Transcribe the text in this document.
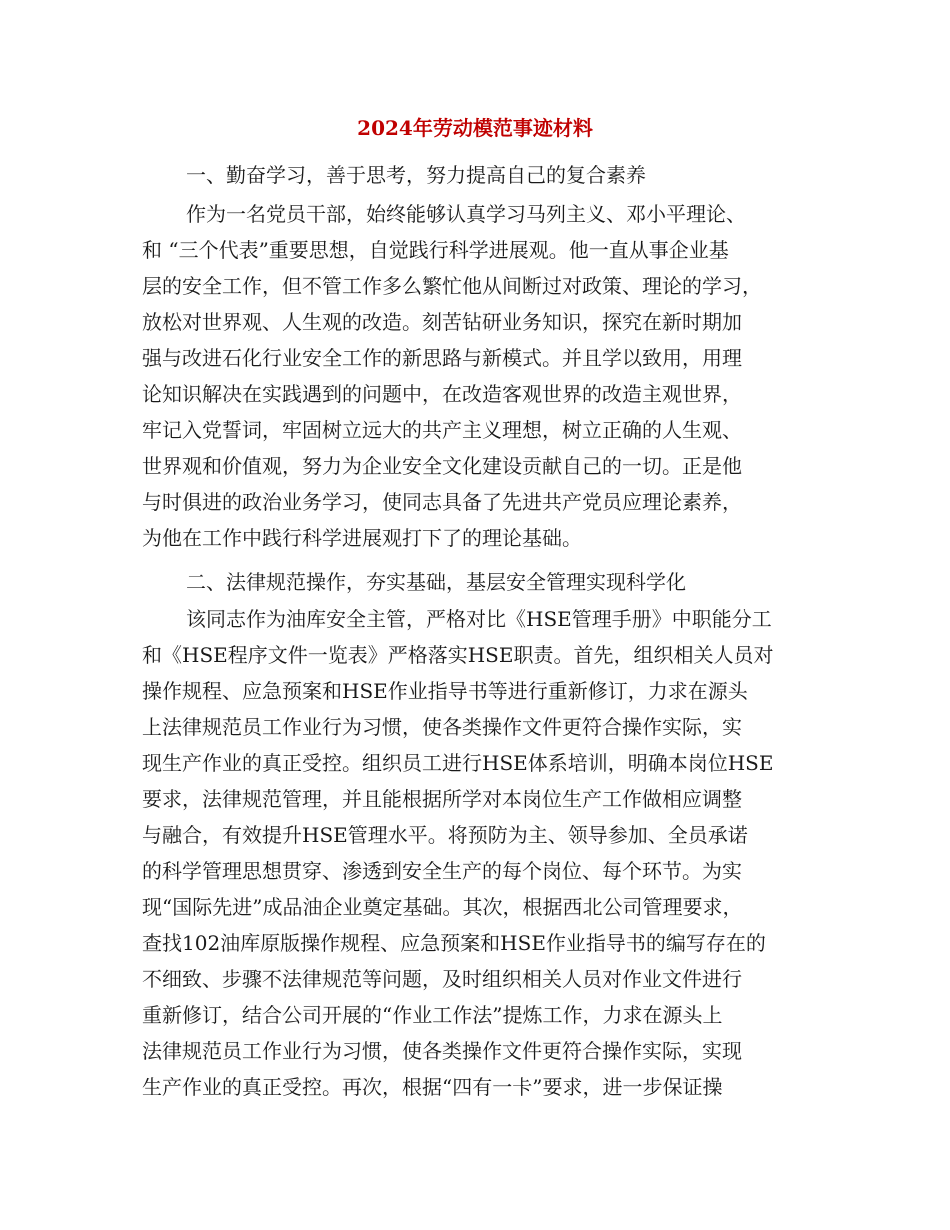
2024年劳动模范事迹材料
一、勤奋学习，善于思考，努力提高自己的复合素养
作为一名党员干部，始终能够认真学习马列主义、邓小平理论、
和 “三个代表”重要思想，自觉践行科学进展观。他一直从事企业基
层的安全工作，但不管工作多么繁忙他从间断过对政策、理论的学习，
放松对世界观、人生观的改造。刻苦钻研业务知识，探究在新时期加
强与改进石化行业安全工作的新思路与新模式。并且学以致用，用理
论知识解决在实践遇到的问题中，在改造客观世界的改造主观世界，
牢记入党誓词，牢固树立远大的共产主义理想，树立正确的人生观、
世界观和价值观，努力为企业安全文化建设贡献自己的一切。正是他
与时俱进的政治业务学习，使同志具备了先进共产党员应理论素养，
为他在工作中践行科学进展观打下了的理论基础。
二、法律规范操作，夯实基础，基层安全管理实现科学化
该同志作为油库安全主管，严格对比《HSE管理手册》中职能分工
和《HSE程序文件一览表》严格落实HSE职责。首先，组织相关人员对
操作规程、应急预案和HSE作业指导书等进行重新修订，力求在源头
上法律规范员工作业行为习惯，使各类操作文件更符合操作实际，实
现生产作业的真正受控。组织员工进行HSE体系培训，明确本岗位HSE
要求，法律规范管理，并且能根据所学对本岗位生产工作做相应调整
与融合，有效提升HSE管理水平。将预防为主、领导参加、全员承诺
的科学管理思想贯穿、渗透到安全生产的每个岗位、每个环节。为实
现“国际先进”成品油企业奠定基础。其次，根据西北公司管理要求，
查找102油库原版操作规程、应急预案和HSE作业指导书的编写存在的
不细致、步骤不法律规范等问题，及时组织相关人员对作业文件进行
重新修订，结合公司开展的“作业工作法”提炼工作，力求在源头上
法律规范员工作业行为习惯，使各类操作文件更符合操作实际，实现
生产作业的真正受控。再次，根据“四有一卡”要求，进一步保证操
